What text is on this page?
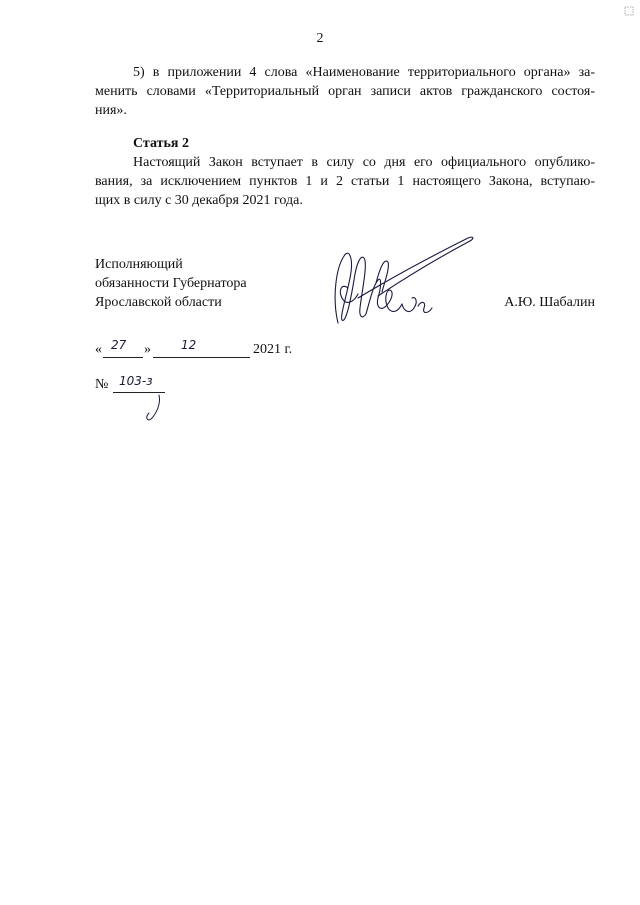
2
5) в приложении 4 слова «Наименование территориального органа» за-
менить словами «Территориальный орган записи актов гражданского состоя-
ния».
Статья 2
Настоящий Закон вступает в силу со дня его официального опублико-
вания, за исключением пунктов 1 и 2 статьи 1 настоящего Закона, вступаю-
щих в силу с 30 декабря 2021 года.
Исполняющий
обязанности Губернатора
Ярославской области	А.Ю. Шабалин
« 27 »	12	2021 г.
№ 103-з
